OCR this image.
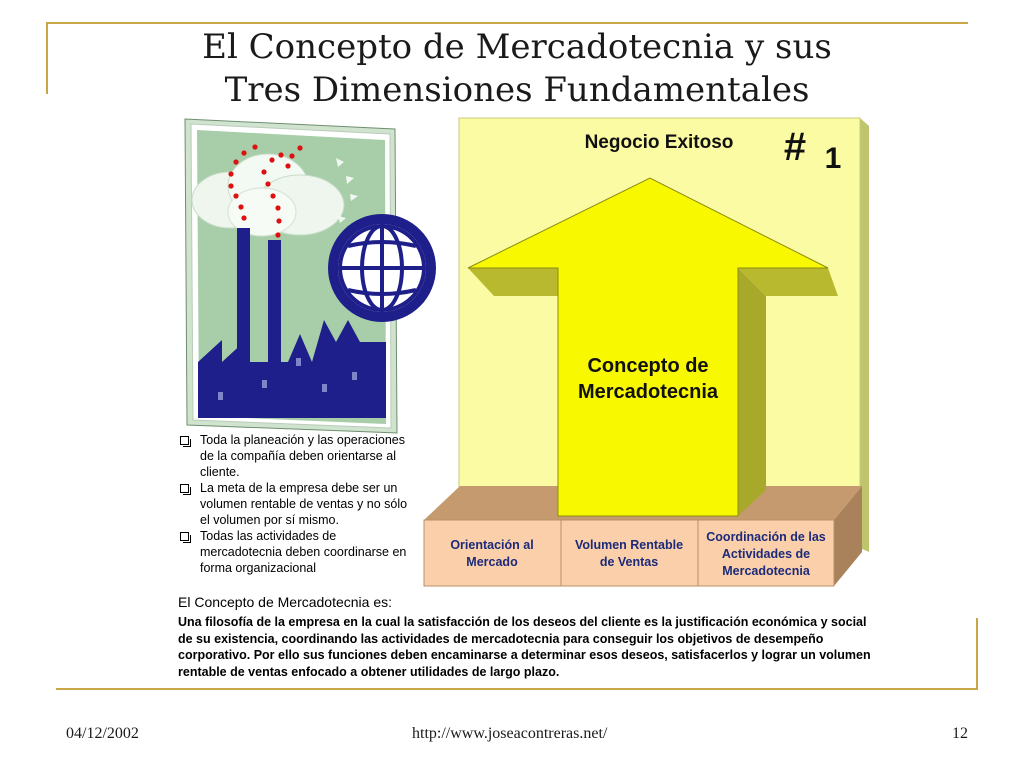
El Concepto de Mercadotecnia y sus
Tres Dimensiones Fundamentales
Negocio Exitoso # 1
Concepto de
Mercadotecnia
Orientación al
Mercado
Volumen Rentable
de Ventas
Coordinación de las
Actividades de
Mercadotecnia
Toda la planeación y las operaciones de la compañía deben orientarse al cliente.
La meta de la empresa debe ser un volumen rentable de ventas y no sólo el volumen por sí mismo.
Todas las actividades de mercadotecnia deben coordinarse en forma organizacional
El Concepto de Mercadotecnia es:
Una filosofía de la empresa en la cual la satisfacción de los deseos del cliente es la justificación económica y social de su existencia, coordinando las actividades de mercadotecnia para conseguir los objetivos de desempeño corporativo. Por ello sus funciones deben encaminarse a determinar esos deseos, satisfacerlos y lograr un volumen rentable de ventas enfocado a obtener utilidades de largo plazo.
04/12/2002	http://www.joseacontreras.net/	12
